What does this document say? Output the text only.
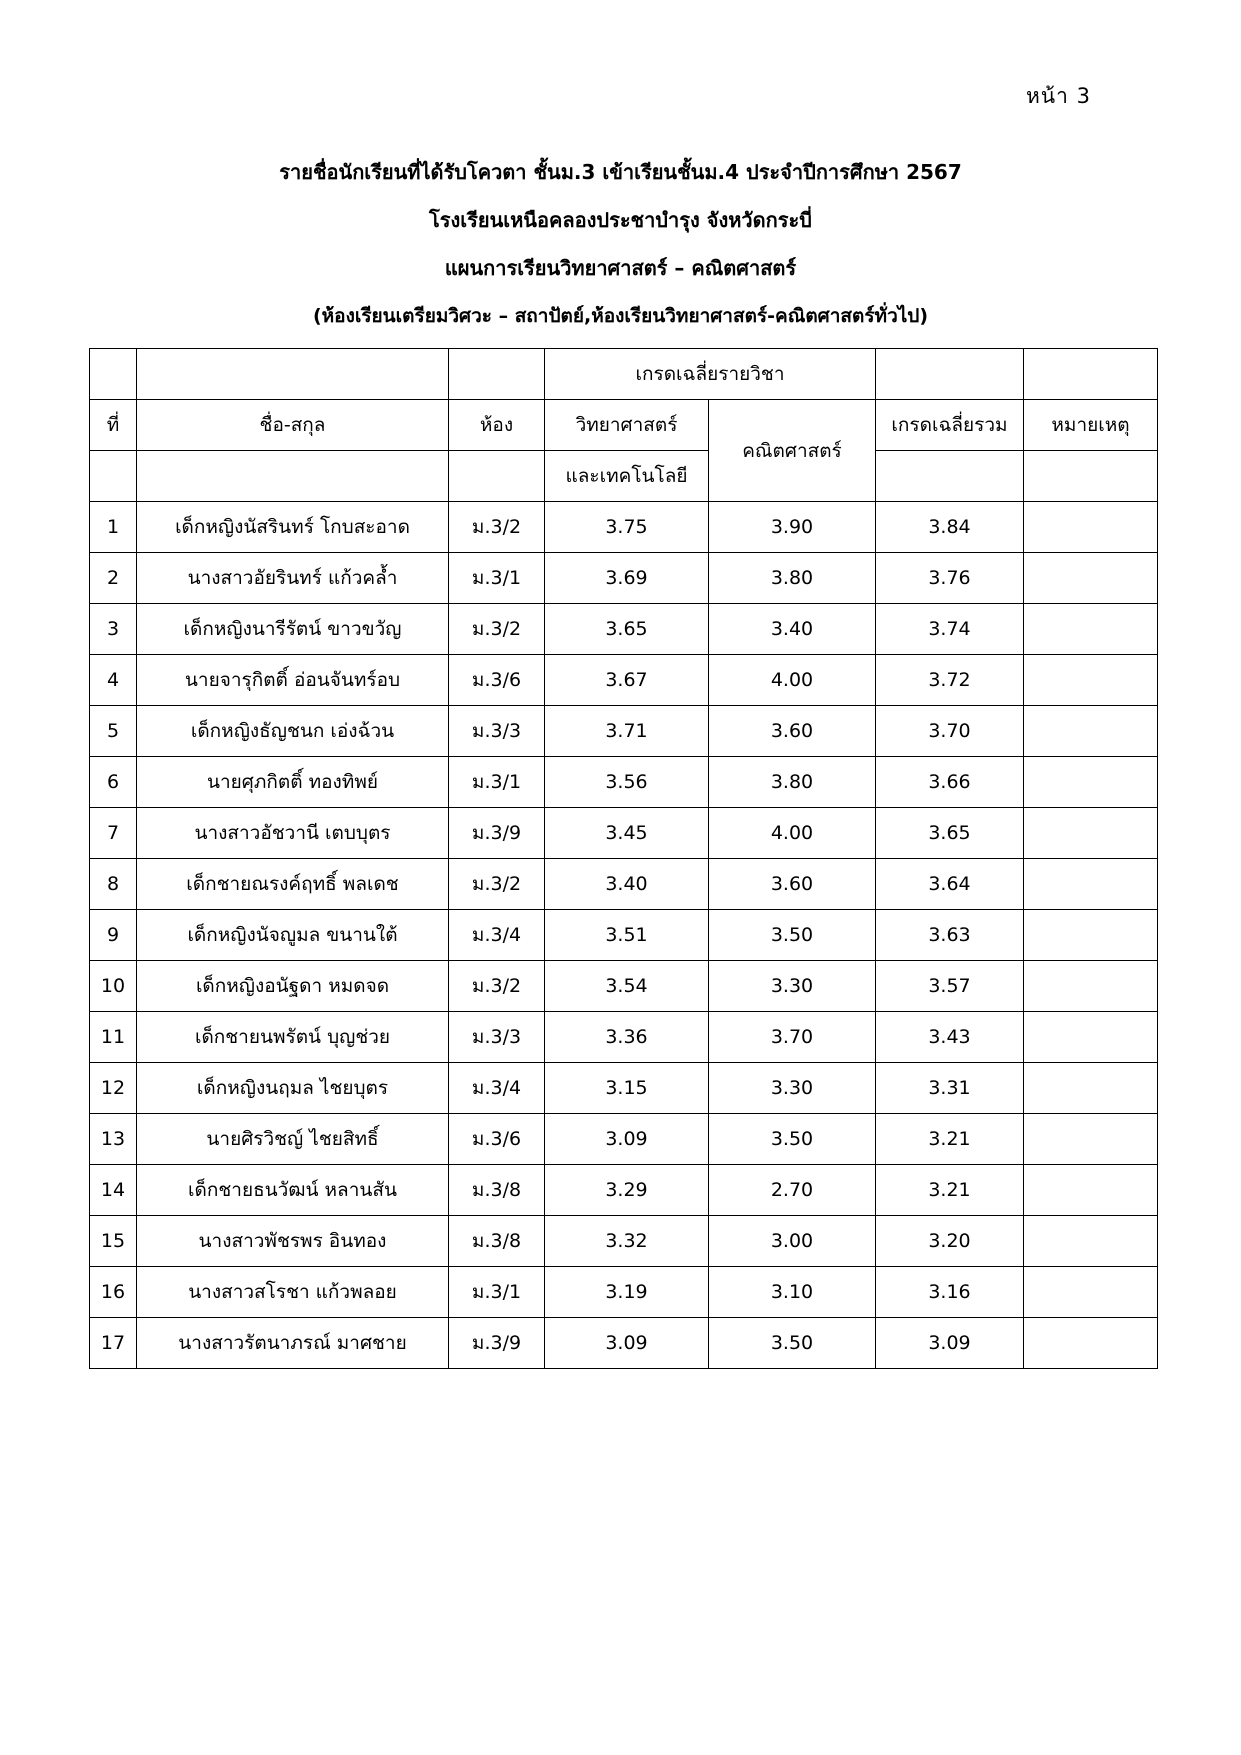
หน้า 3
รายชื่อนักเรียนที่ได้รับโควตา ชั้นม.3 เข้าเรียนชั้นม.4 ประจำปีการศึกษา 2567
โรงเรียนเหนือคลองประชาบำรุง จังหวัดกระบี่
แผนการเรียนวิทยาศาสตร์ – คณิตศาสตร์
(ห้องเรียนเตรียมวิศวะ – สถาปัตย์,ห้องเรียนวิทยาศาสตร์-คณิตศาสตร์ทั่วไป)
			เกรดเฉลี่ยรายวิชา			
ที่	ชื่อ-สกุล	ห้อง	วิทยาศาสตร์	คณิตศาสตร์	เกรดเฉลี่ยรวม	หมายเหตุ
			และเทคโนโลยี			
1	เด็กหญิงนัสรินทร์ โกบสะอาด	ม.3/2	3.75	3.90	3.84	
2	นางสาวอัยรินทร์ แก้วคล้ำ	ม.3/1	3.69	3.80	3.76	
3	เด็กหญิงนารีรัตน์ ขาวขวัญ	ม.3/2	3.65	3.40	3.74	
4	นายจารุกิตติ์ อ่อนจันทร์อบ	ม.3/6	3.67	4.00	3.72	
5	เด็กหญิงธัญชนก เอ่งฉ้วน	ม.3/3	3.71	3.60	3.70	
6	นายศุภกิตติ์ ทองทิพย์	ม.3/1	3.56	3.80	3.66	
7	นางสาวอัชวานี เตบบุตร	ม.3/9	3.45	4.00	3.65	
8	เด็กชายณรงค์ฤทธิ์ พลเดช	ม.3/2	3.40	3.60	3.64	
9	เด็กหญิงนัจญูมล ขนานใต้	ม.3/4	3.51	3.50	3.63	
10	เด็กหญิงอนัฐดา หมดจด	ม.3/2	3.54	3.30	3.57	
11	เด็กชายนพรัตน์ บุญช่วย	ม.3/3	3.36	3.70	3.43	
12	เด็กหญิงนฤมล ไชยบุตร	ม.3/4	3.15	3.30	3.31	
13	นายศิรวิชญ์ ไชยสิทธิ์	ม.3/6	3.09	3.50	3.21	
14	เด็กชายธนวัฒน์ หลานสัน	ม.3/8	3.29	2.70	3.21	
15	นางสาวพัชรพร อินทอง	ม.3/8	3.32	3.00	3.20	
16	นางสาวสโรชา แก้วพลอย	ม.3/1	3.19	3.10	3.16	
17	นางสาวรัตนาภรณ์ มาศชาย	ม.3/9	3.09	3.50	3.09	
